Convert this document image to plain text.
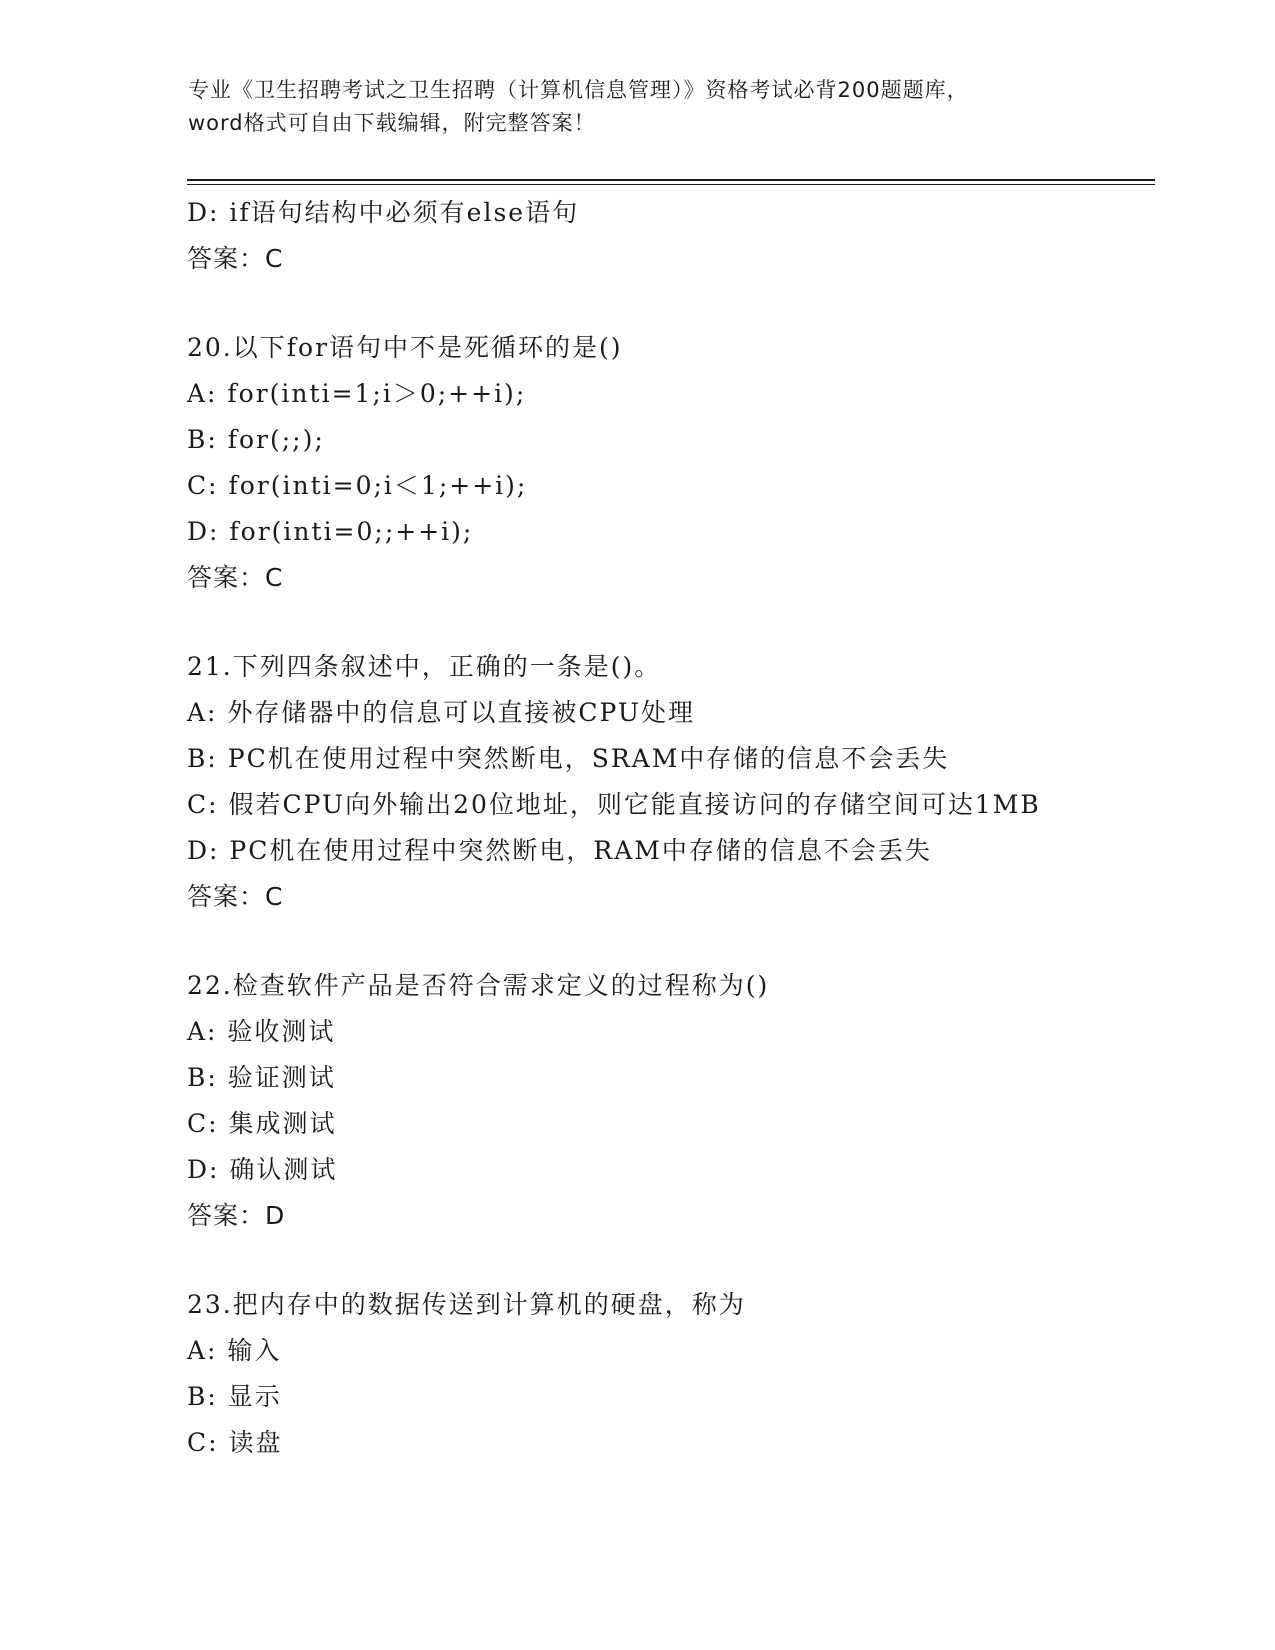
专业《卫生招聘考试之卫生招聘（计算机信息管理）》资格考试必背200题题库，
word格式可自由下载编辑，附完整答案！
D: if语句结构中必须有else语句
答案：C
20.以下for语句中不是死循环的是()
A: for(inti=1;i＞0;++i);
B: for(;;);
C: for(inti=0;i＜1;++i);
D: for(inti=0;;++i);
答案：C
21.下列四条叙述中，正确的一条是()。
A: 外存储器中的信息可以直接被CPU处理
B: PC机在使用过程中突然断电，SRAM中存储的信息不会丢失
C: 假若CPU向外输出20位地址，则它能直接访问的存储空间可达1MB
D: PC机在使用过程中突然断电，RAM中存储的信息不会丢失
答案：C
22.检查软件产品是否符合需求定义的过程称为()
A: 验收测试
B: 验证测试
C: 集成测试
D: 确认测试
答案：D
23.把内存中的数据传送到计算机的硬盘，称为
A: 输入
B: 显示
C: 读盘
